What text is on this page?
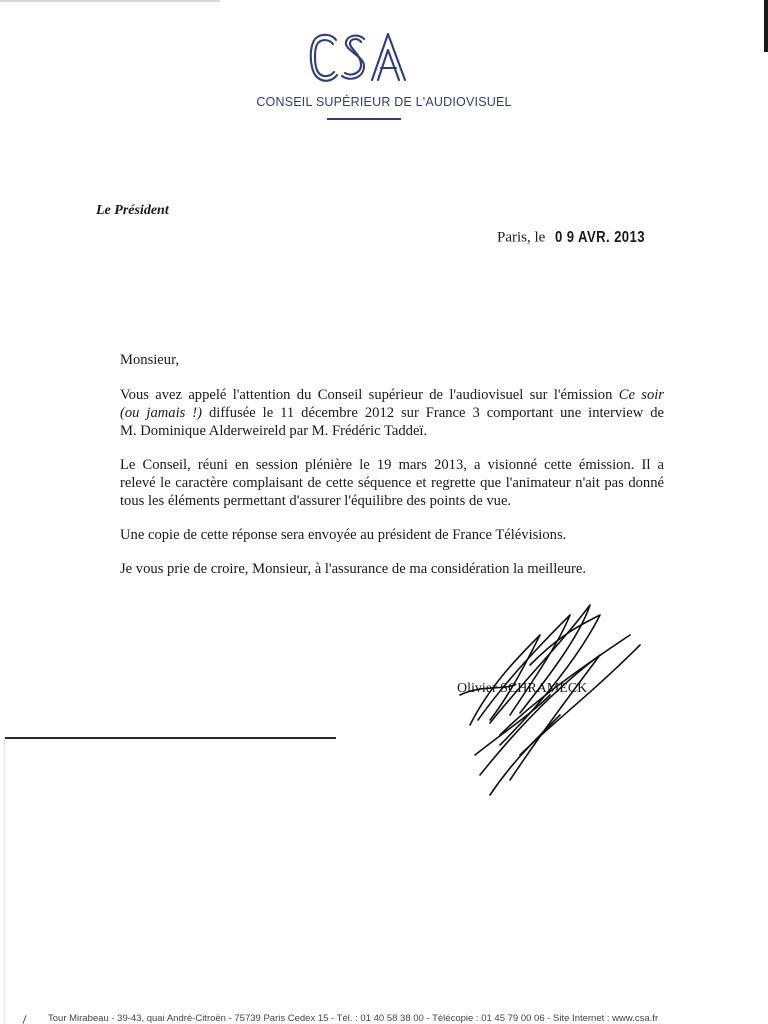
CONSEIL SUPÉRIEUR DE L'AUDIOVISUEL
Le Président
Paris, le 0 9 AVR. 2013
Monsieur,
Vous avez appelé l'attention du Conseil supérieur de l'audiovisuel sur l'émission Ce soir
(ou jamais !) diffusée le 11 décembre 2012 sur France 3 comportant une interview de
M. Dominique Alderweireld par M. Frédéric Taddeï.
Le Conseil, réuni en session plénière le 19 mars 2013, a visionné cette émission. Il a
relevé le caractère complaisant de cette séquence et regrette que l'animateur n'ait pas donné
tous les éléments permettant d'assurer l'équilibre des points de vue.
Une copie de cette réponse sera envoyée au président de France Télévisions.
Je vous prie de croire, Monsieur, à l'assurance de ma considération la meilleure.
Olivier SCHRAMECK
Tour Mirabeau - 39-43, quai André-Citroën - 75739 Paris Cedex 15 - Tél. : 01 40 58 38 00 - Télécopie : 01 45 79 00 06 - Site Internet : www.csa.fr
